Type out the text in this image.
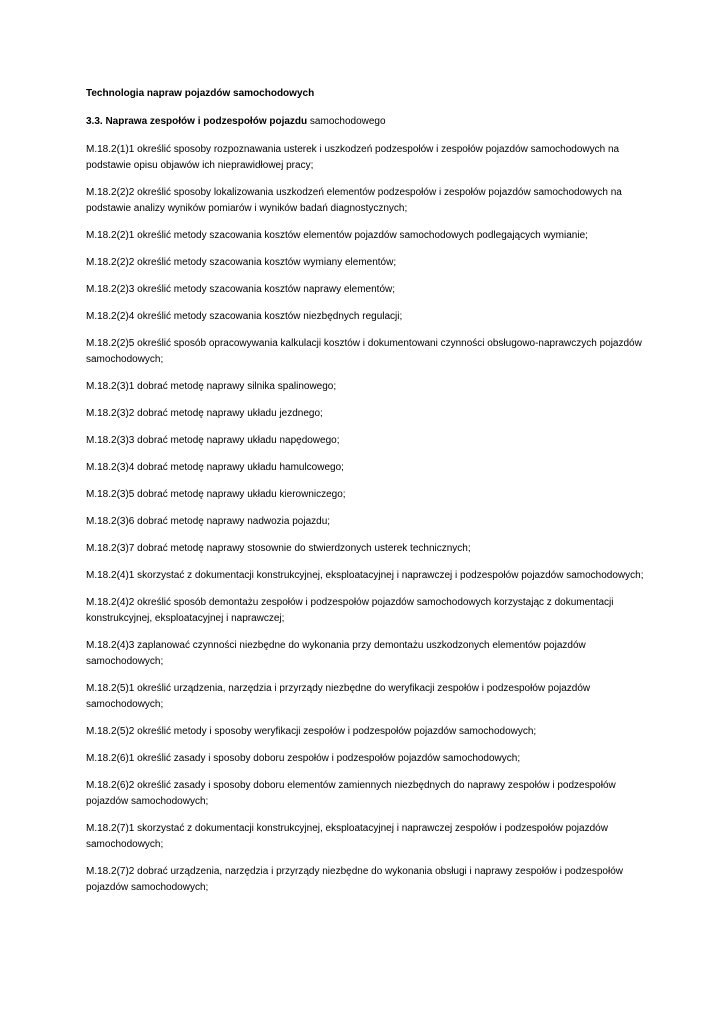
Technologia napraw pojazdów samochodowych

3.3. Naprawa zespołów i podzespołów pojazdu samochodowego

M.18.2(1)1 określić sposoby rozpoznawania usterek i uszkodzeń podzespołów i zespołów pojazdów samochodowych na podstawie opisu objawów ich nieprawidłowej pracy;

M.18.2(2)2 określić sposoby lokalizowania uszkodzeń elementów podzespołów i zespołów pojazdów samochodowych na podstawie analizy wyników pomiarów i wyników badań diagnostycznych;

M.18.2(2)1 określić metody szacowania kosztów elementów pojazdów samochodowych podlegających wymianie;

M.18.2(2)2 określić metody szacowania kosztów wymiany elementów;

M.18.2(2)3 określić metody szacowania kosztów naprawy elementów;

M.18.2(2)4 określić metody szacowania kosztów niezbędnych regulacji;

M.18.2(2)5 określić sposób opracowywania kalkulacji kosztów i dokumentowani czynności obsługowo-naprawczych pojazdów samochodowych;

M.18.2(3)1 dobrać metodę naprawy silnika spalinowego;

M.18.2(3)2 dobrać metodę naprawy układu jezdnego;

M.18.2(3)3 dobrać metodę naprawy układu napędowego;

M.18.2(3)4 dobrać metodę naprawy układu hamulcowego;

M.18.2(3)5 dobrać metodę naprawy układu kierowniczego;

M.18.2(3)6 dobrać metodę naprawy nadwozia pojazdu;

M.18.2(3)7 dobrać metodę naprawy stosownie do stwierdzonych usterek technicznych;

M.18.2(4)1 skorzystać z dokumentacji konstrukcyjnej, eksploatacyjnej i naprawczej i podzespołów pojazdów samochodowych;

M.18.2(4)2 określić sposób demontażu zespołów i podzespołów pojazdów samochodowych korzystając z dokumentacji konstrukcyjnej, eksploatacyjnej i naprawczej;

M.18.2(4)3 zaplanować czynności niezbędne do wykonania przy demontażu uszkodzonych elementów pojazdów samochodowych;

M.18.2(5)1 określić urządzenia, narzędzia i przyrządy niezbędne do weryfikacji zespołów i podzespołów pojazdów samochodowych;

M.18.2(5)2 określić metody i sposoby weryfikacji zespołów i podzespołów pojazdów samochodowych;

M.18.2(6)1 określić zasady i sposoby doboru zespołów i podzespołów pojazdów samochodowych;

M.18.2(6)2 określić zasady i sposoby doboru elementów zamiennych niezbędnych do naprawy zespołów i podzespołów pojazdów samochodowych;

M.18.2(7)1 skorzystać z dokumentacji konstrukcyjnej, eksploatacyjnej i naprawczej zespołów i podzespołów pojazdów samochodowych;

M.18.2(7)2 dobrać urządzenia, narzędzia i przyrządy niezbędne do wykonania obsługi i naprawy zespołów i podzespołów pojazdów samochodowych;
